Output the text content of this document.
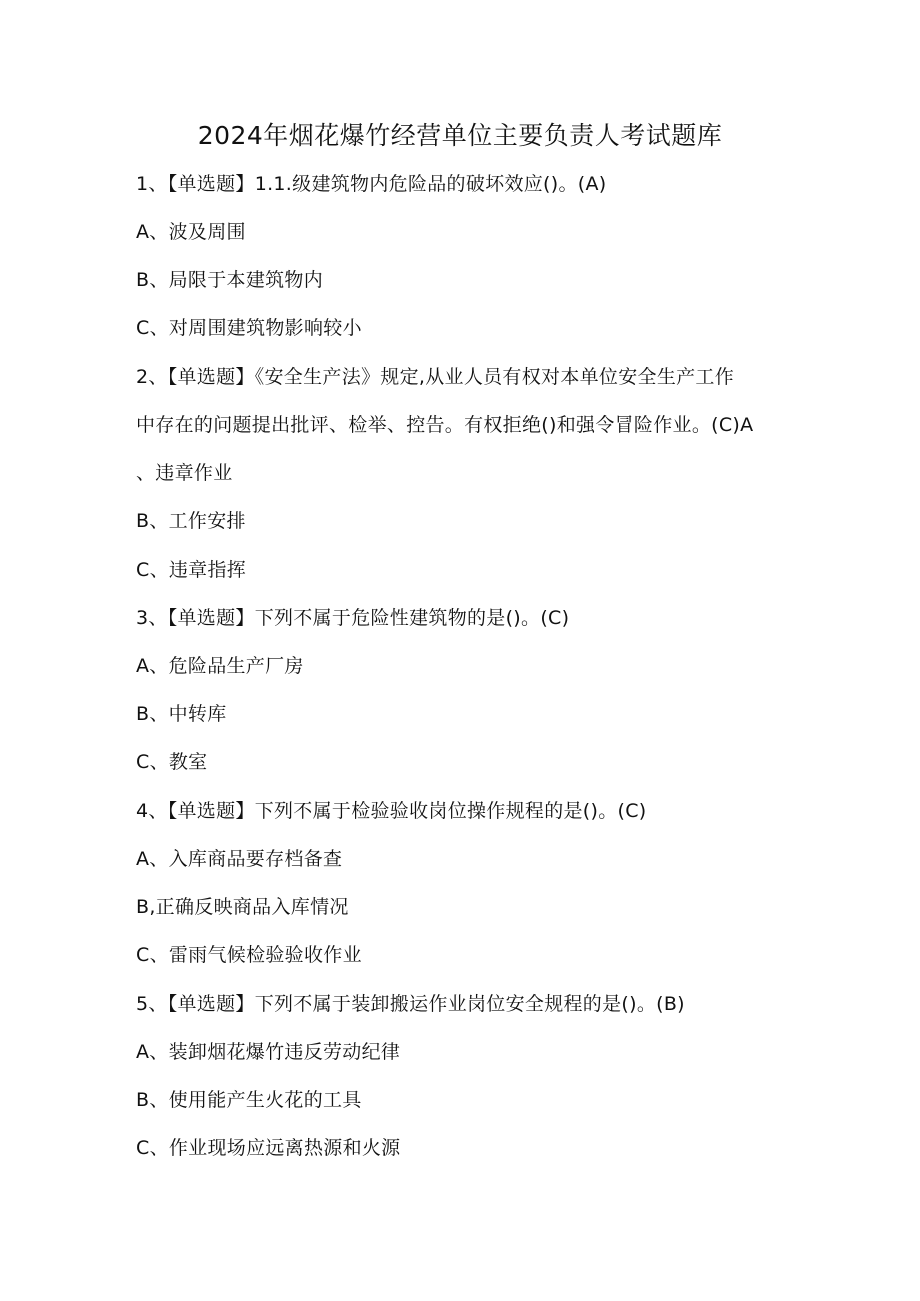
2024年烟花爆竹经营单位主要负责人考试题库
1、【单选题】1.1.级建筑物内危险品的破坏效应()。(A)
A、波及周围
B、局限于本建筑物内
C、对周围建筑物影响较小
2、【单选题】《安全生产法》规定,从业人员有权对本单位安全生产工作
中存在的问题提出批评、检举、控告。有权拒绝()和强令冒险作业。(C)A
、违章作业
B、工作安排
C、违章指挥
3、【单选题】下列不属于危险性建筑物的是()。(C)
A、危险品生产厂房
B、中转库
C、教室
4、【单选题】下列不属于检验验收岗位操作规程的是()。(C)
A、入库商品要存档备查
B,正确反映商品入库情况
C、雷雨气候检验验收作业
5、【单选题】下列不属于装卸搬运作业岗位安全规程的是()。(B)
A、装卸烟花爆竹违反劳动纪律
B、使用能产生火花的工具
C、作业现场应远离热源和火源
